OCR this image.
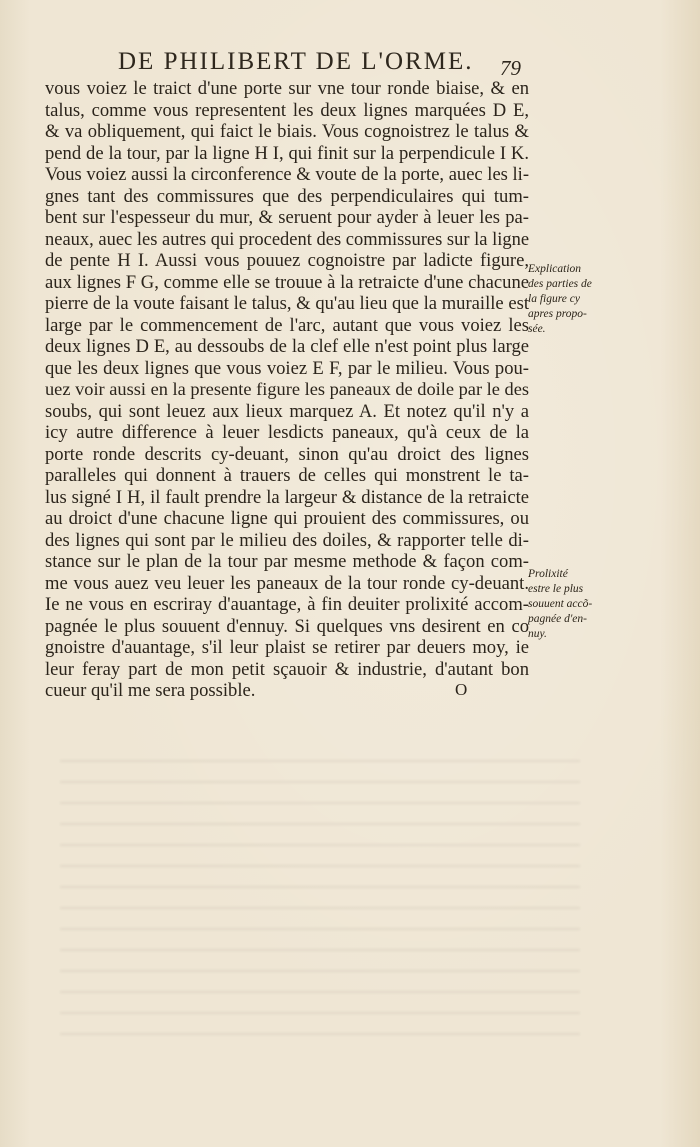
DE PHILIBERT DE L'ORME. 79
vous voiez le traict d'une porte sur vne tour ronde biaise, & en
talus, comme vous representent les deux lignes marquées D E,
& va obliquement, qui faict le biais. Vous cognoistrez le talus &
pend de la tour, par la ligne H I, qui finit sur la perpendicule I K.
Vous voiez aussi la circonference & voute de la porte, auec les li-
gnes tant des commissures que des perpendiculaires qui tum-
bent sur l'espesseur du mur, & seruent pour ayder à leuer les pa-
neaux, auec les autres qui procedent des commissures sur la ligne
de pente H I. Aussi vous pouuez cognoistre par ladicte figure,
aux lignes F G, comme elle se trouue à la retraicte d'une chacune
pierre de la voute faisant le talus, & qu'au lieu que la muraille est
large par le commencement de l'arc, autant que vous voiez les
deux lignes D E, au dessoubs de la clef elle n'est point plus large
que les deux lignes que vous voiez E F, par le milieu. Vous pou-
uez voir aussi en la presente figure les paneaux de doile par le des
soubs, qui sont leuez aux lieux marquez A. Et notez qu'il n'y a
icy autre difference à leuer lesdicts paneaux, qu'à ceux de la
porte ronde descrits cy-deuant, sinon qu'au droict des lignes
paralleles qui donnent à trauers de celles qui monstrent le ta-
lus signé I H, il fault prendre la largeur & distance de la retraicte
au droict d'une chacune ligne qui prouient des commissures, ou
des lignes qui sont par le milieu des doiles, & rapporter telle di-
stance sur le plan de la tour par mesme methode & façon com-
me vous auez veu leuer les paneaux de la tour ronde cy-deuant.
Ie ne vous en escriray d'auantage, à fin deuiter prolixité accom-
pagnée le plus souuent d'ennuy. Si quelques vns desirent en co
gnoistre d'auantage, s'il leur plaist se retirer par deuers moy, ie
leur feray part de mon petit sçauoir & industrie, d'autant bon
cueur qu'il me sera possible.
Explication
des parties de
la figure cy
apres propo-
sée.
Prolixité
estre le plus
souuent accõ-
pagnée d'en-
nuy.
O
